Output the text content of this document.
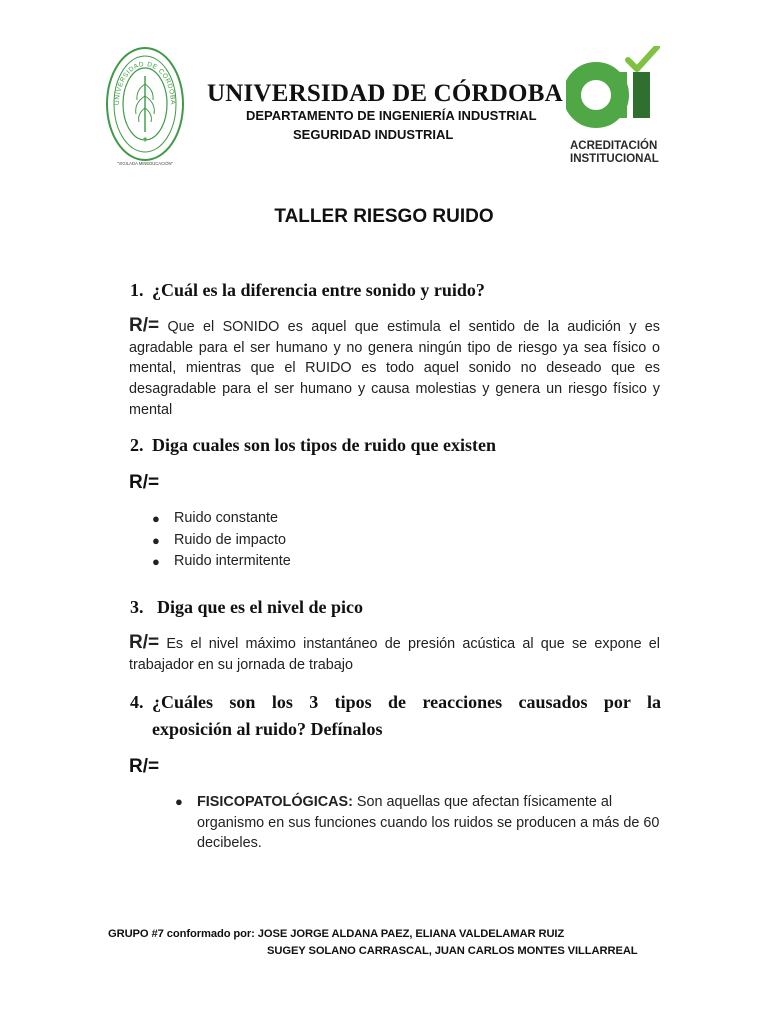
UNIVERSIDAD DE CÓRDOBA
✝
"VIGILADA MINEDUCACIÓN"
UNIVERSIDAD DE CÓRDOBA
DEPARTAMENTO DE INGENIERÍA INDUSTRIAL
SEGURIDAD INDUSTRIAL
ACREDITACIÓN
INSTITUCIONAL
TALLER RIESGO RUIDO
1. ¿Cuál es la diferencia entre sonido y ruido?
R/= Que el SONIDO es aquel que estimula el sentido de la audición y es agradable para el ser humano y no genera ningún tipo de riesgo ya sea físico o mental, mientras que el RUIDO es todo aquel sonido no deseado que es desagradable para el ser humano y causa molestias y genera un riesgo físico y mental
2. Diga cuales son los tipos de ruido que existen
R/=
● Ruido constante
● Ruido de impacto
● Ruido intermitente
3. Diga que es el nivel de pico
R/= Es el nivel máximo instantáneo de presión acústica al que se expone el trabajador en su jornada de trabajo
4. ¿Cuáles son los 3 tipos de reacciones causados por la
exposición al ruido? Defínalos
R/=
● FISICOPATOLÓGICAS: Son aquellas que afectan físicamente al organismo en sus funciones cuando los ruidos se producen a más de 60 decibeles.
GRUPO #7 conformado por: JOSE JORGE ALDANA PAEZ, ELIANA VALDELAMAR RUIZ
SUGEY SOLANO CARRASCAL, JUAN CARLOS MONTES VILLARREAL
